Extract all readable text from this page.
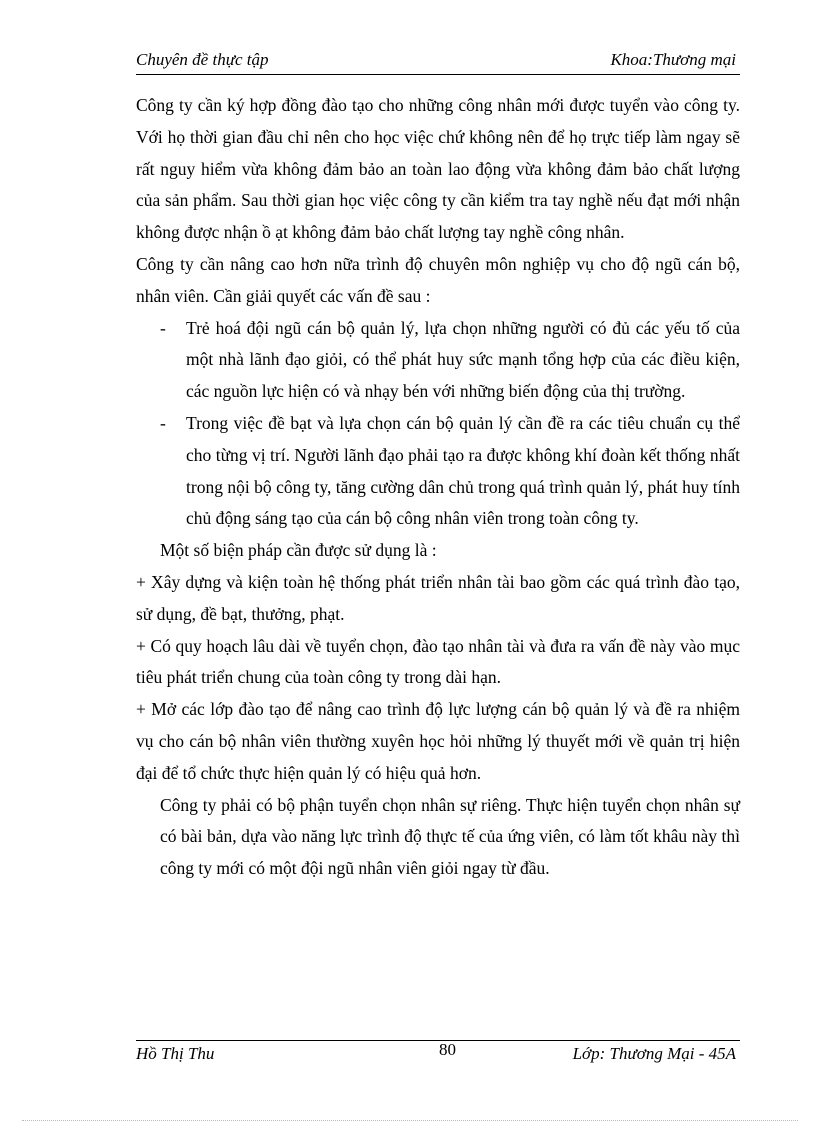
Chuyên đề thực tập	Khoa:Thương mại

Công ty cần ký hợp đồng đào tạo cho những công nhân mới được tuyển vào công ty. Với họ thời gian đầu chỉ nên cho học việc chứ không nên để họ trực tiếp làm ngay sẽ rất nguy hiểm vừa không đảm bảo an toàn lao động vừa không đảm bảo chất lượng của sản phẩm. Sau thời gian học việc công ty cần kiểm tra tay nghề nếu đạt mới nhận không được nhận ồ ạt không đảm bảo chất lượng tay nghề công nhân.

Công ty cần nâng cao hơn nữa trình độ chuyên môn nghiệp vụ cho độ ngũ cán bộ, nhân viên. Cần giải quyết các vấn đề sau :

- Trẻ hoá đội ngũ cán bộ quản lý, lựa chọn những người có đủ các yếu tố của một nhà lãnh đạo giỏi, có thể phát huy sức mạnh tổng hợp của các điều kiện, các nguồn lực hiện có và nhạy bén với những biến động của thị trường.
- Trong việc đề bạt và lựa chọn cán bộ quản lý cần đề ra các tiêu chuẩn cụ thể cho từng vị trí. Người lãnh đạo phải tạo ra được không khí đoàn kết thống nhất trong nội bộ công ty, tăng cường dân chủ trong quá trình quản lý, phát huy tính chủ động sáng tạo của cán bộ công nhân viên trong toàn công ty.

Một số biện pháp cần được sử dụng là :

+ Xây dựng và kiện toàn hệ thống phát triển nhân tài bao gồm các quá trình đào tạo, sử dụng, đề bạt, thưởng, phạt.

+ Có quy hoạch lâu dài về tuyển chọn, đào tạo nhân tài và đưa ra vấn đề này vào mục tiêu phát triển chung của toàn công ty trong dài hạn.

+ Mở các lớp đào tạo để nâng cao trình độ lực lượng cán bộ quản lý và đề ra nhiệm vụ cho cán bộ nhân viên thường xuyên học hỏi những lý thuyết mới về quản trị hiện đại để tổ chức thực hiện quản lý có hiệu quả hơn.

Công ty phải có bộ phận tuyển chọn nhân sự riêng. Thực hiện tuyển chọn nhân sự có bài bản, dựa vào năng lực trình độ thực tế của ứng viên, có làm tốt khâu này thì công ty mới có một đội ngũ nhân viên giỏi ngay từ đầu.

Hồ Thị Thu	80	Lớp: Thương Mại - 45A
